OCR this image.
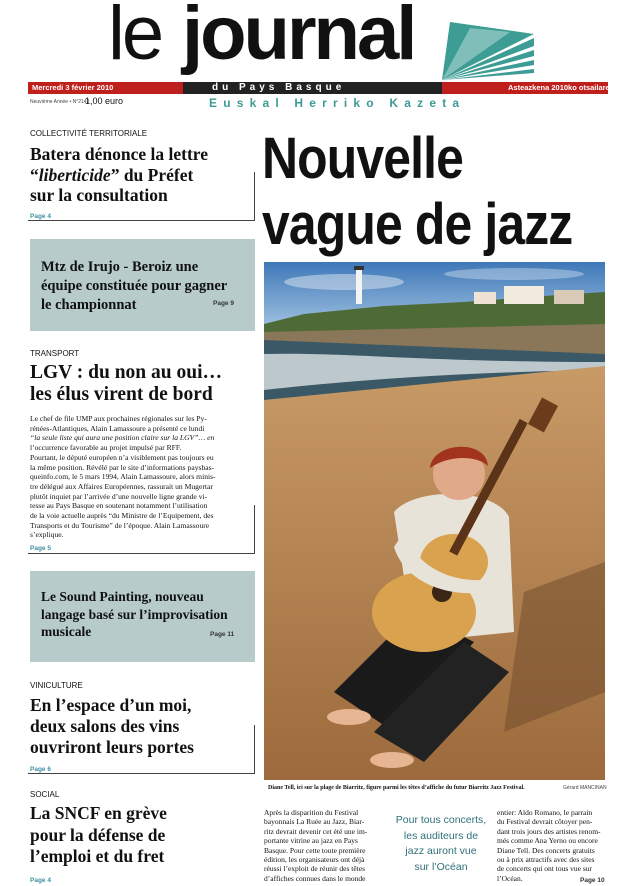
le journal
Mercredi 3 février 2010	du Pays Basque	Asteazkena 2010ko otsailaren 3a
Neuvième Année • N°2143
1,00 euro	Euskal Herriko Kazeta
COLLECTIVITÉ TERRITORIALE
Batera dénonce la lettre
“liberticide” du Préfet
sur la consultation
Page 4
Mtz de Irujo - Beroiz une
équipe constituée pour gagner
le championnat	Page 9
TRANSPORT
LGV : du non au oui…
les élus virent de bord
Le chef de file UMP aux prochaines régionales sur les Py-
rénées-Atlantiques, Alain Lamassoure a présenté ce lundi
“la seule liste qui aura une position claire sur la LGV”… en
l’occurrence favorable au projet impulsé par RFF.
Pourtant, le député européen n’a visiblement pas toujours eu
la même position. Révélé par le site d’informations paysbas-
queinfo.com, le 5 mars 1994, Alain Lamassoure, alors minis-
tre délégué aux Affaires Européennes, rassurait un Mugertar
plutôt inquiet par l’arrivée d’une nouvelle ligne grande vi-
tesse au Pays Basque en soutenant notamment l’utilisation
de la voie actuelle auprès “du Ministre de l’Equipement, des
Transports et du Tourisme” de l’époque. Alain Lamassoure
s’explique.
Page 5
Le Sound Painting, nouveau
langage basé sur l’improvisation
musicale	Page 11
VINICULTURE
En l’espace d’un moi,
deux salons des vins
ouvriront leurs portes
Page 6
SOCIAL
La SNCF en grève
pour la défense de
l’emploi et du fret
Page 4
Nouvelle
vague de jazz
Diane Tell, ici sur la plage de Biarritz, figure parmi les têtes d’affiche du futur Biarritz Jazz Festival.	Gérard MANCINAN
Après la disparition du Festival
bayonnais La Ruée au Jazz, Biar-
ritz devrait devenir cet été une im-
portante vitrine au jazz en Pays
Basque. Pour cette toute première
édition, les organisateurs ont déjà
réussi l’exploit de réunir des têtes
d’affiches connues dans le monde
Pour tous concerts,
les auditeurs de
jazz auront vue
sur l’Océan
entier: Aldo Romano, le parrain
du Festival devrait côtoyer pen-
dant trois jours des artistes renom-
més comme Ana Yerno ou encore
Diane Tell. Des concerts gratuits
ou à prix attractifs avec des sites
de concerts qui ont tous vue sur
l’Océan.	Page 10
